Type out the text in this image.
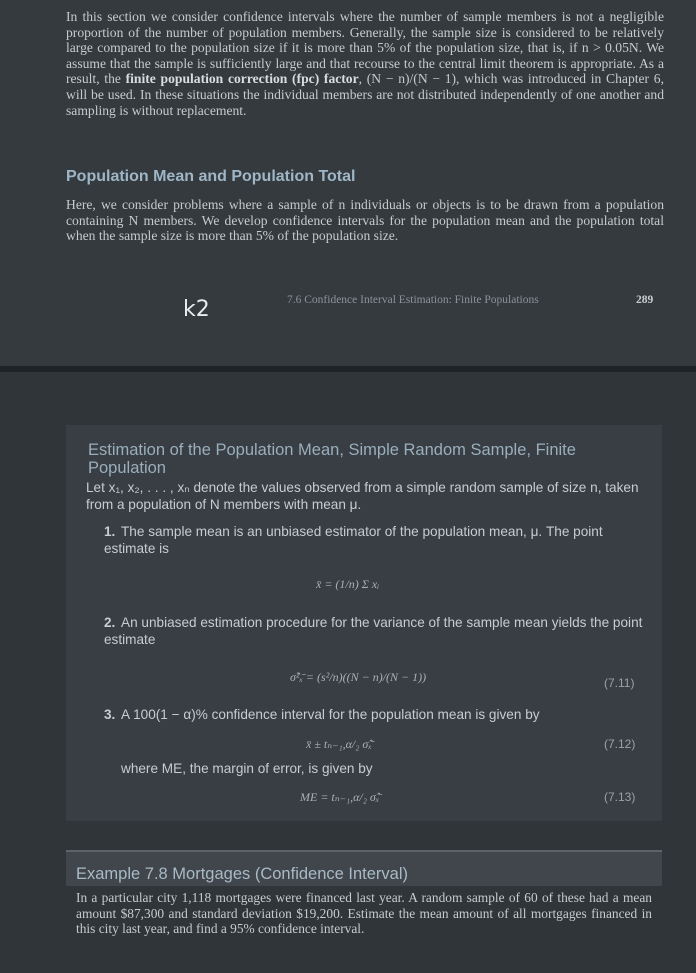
In this section we consider confidence intervals where the number of sample members is not a negligible proportion of the number of population members. Generally, the sample size is considered to be relatively large compared to the population size if it is more than 5% of the population size, that is, if n > 0.05N. We assume that the sample is sufficiently large and that recourse to the central limit theorem is appropriate. As a result, the finite population correction (fpc) factor, (N − n)/(N − 1), which was introduced in Chapter 6, will be used. In these situations the individual members are not distributed independently of one another and sampling is without replacement.
Population Mean and Population Total
Here, we consider problems where a sample of n individuals or objects is to be drawn from a population containing N members. We develop confidence intervals for the population mean and the population total when the sample size is more than 5% of the population size.
k2	7.6 Confidence Interval Estimation: Finite Populations	289
Estimation of the Population Mean, Simple Random Sample, Finite Population
Let x₁, x₂, . . . , xₙ denote the values observed from a simple random sample of size n, taken from a population of N members with mean μ.
1. The sample mean is an unbiased estimator of the population mean, μ. The point estimate is
x̄ = (1/n) Σ xᵢ
2. An unbiased estimation procedure for the variance of the sample mean yields the point estimate
σ̂²ₓ̄ = (s²/n)((N − n)/(N − 1))	(7.11)
3. A 100(1 − α)% confidence interval for the population mean is given by
x̄ ± tₙ₋₁,α/₂ σ̂ₓ̄	(7.12)
where ME, the margin of error, is given by
ME = tₙ₋₁,α/₂ σ̂ₓ̄	(7.13)
Example 7.8 Mortgages (Confidence Interval)
In a particular city 1,118 mortgages were financed last year. A random sample of 60 of these had a mean amount $87,300 and standard deviation $19,200. Estimate the mean amount of all mortgages financed in this city last year, and find a 95% confidence interval.
